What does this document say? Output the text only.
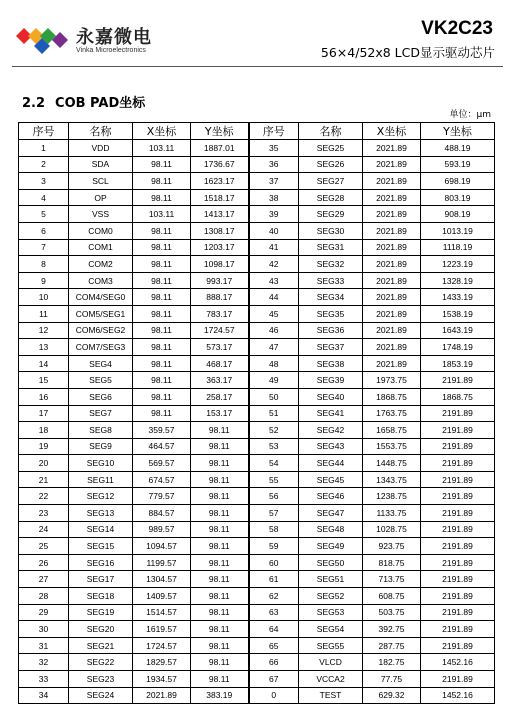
永嘉微电
Vinka Microelectronics
VK2C23
56×4/52x8 LCD显示驱动芯片
2.2 COB PAD坐标
单位：μm
序号	名称	X坐标	Y坐标	序号	名称	X坐标	Y坐标
1	VDD	103.11	1887.01	35	SEG25	2021.89	488.19
2	SDA	98.11	1736.67	36	SEG26	2021.89	593.19
3	SCL	98.11	1623.17	37	SEG27	2021.89	698.19
4	OP	98.11	1518.17	38	SEG28	2021.89	803.19
5	VSS	103.11	1413.17	39	SEG29	2021.89	908.19
6	COM0	98.11	1308.17	40	SEG30	2021.89	1013.19
7	COM1	98.11	1203.17	41	SEG31	2021.89	1118.19
8	COM2	98.11	1098.17	42	SEG32	2021.89	1223.19
9	COM3	98.11	993.17	43	SEG33	2021.89	1328.19
10	COM4/SEG0	98.11	888.17	44	SEG34	2021.89	1433.19
11	COM5/SEG1	98.11	783.17	45	SEG35	2021.89	1538.19
12	COM6/SEG2	98.11	1724.57	46	SEG36	2021.89	1643.19
13	COM7/SEG3	98.11	573.17	47	SEG37	2021.89	1748.19
14	SEG4	98.11	468.17	48	SEG38	2021.89	1853.19
15	SEG5	98.11	363.17	49	SEG39	1973.75	2191.89
16	SEG6	98.11	258.17	50	SEG40	1868.75	1868.75
17	SEG7	98.11	153.17	51	SEG41	1763.75	2191.89
18	SEG8	359.57	98.11	52	SEG42	1658.75	2191.89
19	SEG9	464.57	98.11	53	SEG43	1553.75	2191.89
20	SEG10	569.57	98.11	54	SEG44	1448.75	2191.89
21	SEG11	674.57	98.11	55	SEG45	1343.75	2191.89
22	SEG12	779.57	98.11	56	SEG46	1238.75	2191.89
23	SEG13	884.57	98.11	57	SEG47	1133.75	2191.89
24	SEG14	989.57	98.11	58	SEG48	1028.75	2191.89
25	SEG15	1094.57	98.11	59	SEG49	923.75	2191.89
26	SEG16	1199.57	98.11	60	SEG50	818.75	2191.89
27	SEG17	1304.57	98.11	61	SEG51	713.75	2191.89
28	SEG18	1409.57	98.11	62	SEG52	608.75	2191.89
29	SEG19	1514.57	98.11	63	SEG53	503.75	2191.89
30	SEG20	1619.57	98.11	64	SEG54	392.75	2191.89
31	SEG21	1724.57	98.11	65	SEG55	287.75	2191.89
32	SEG22	1829.57	98.11	66	VLCD	182.75	1452.16
33	SEG23	1934.57	98.11	67	VCCA2	77.75	2191.89
34	SEG24	2021.89	383.19	0	TEST	629.32	1452.16
